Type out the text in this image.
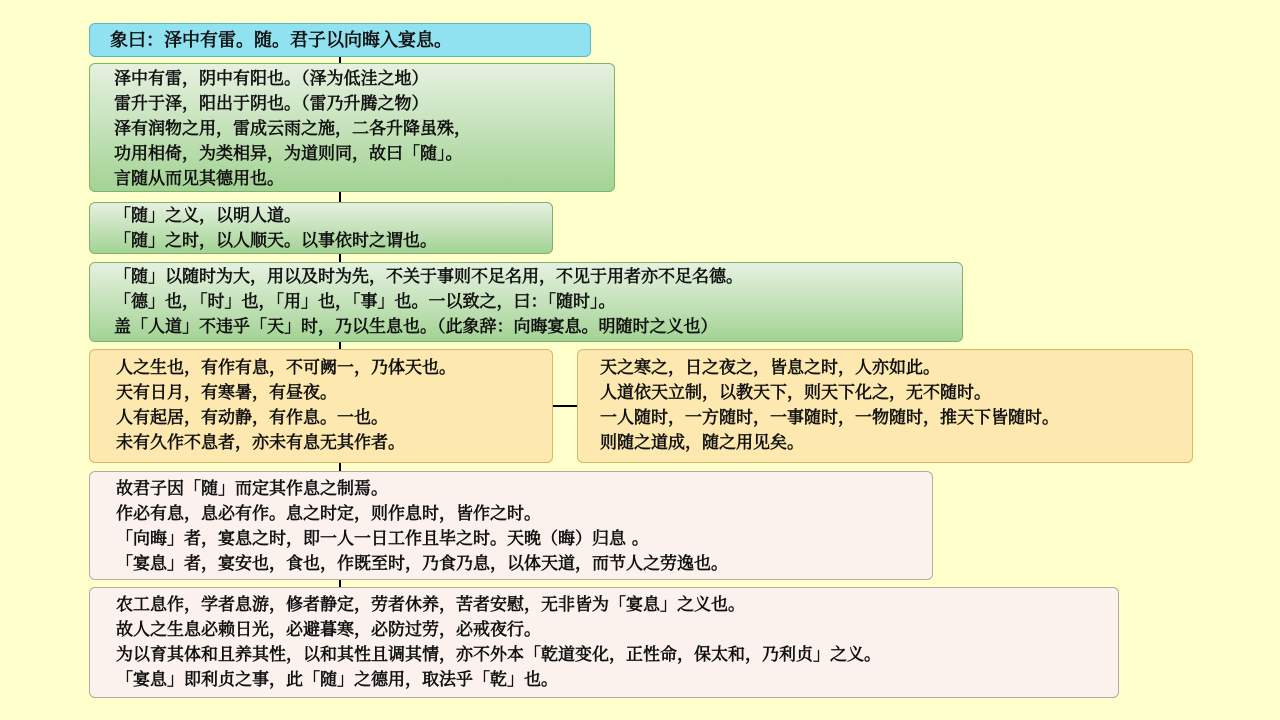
象曰：泽中有雷。随。君子以向晦入宴息。
泽中有雷，阴中有阳也。（泽为低洼之地）
雷升于泽，阳出于阴也。（雷乃升腾之物）
泽有润物之用，雷成云雨之施，二各升降虽殊，
功用相倚，为类相异，为道则同，故曰「随」。
言随从而见其德用也。
「随」之义，以明人道。
「随」之时，以人顺天。以事依时之谓也。
「随」以随时为大，用以及时为先，不关于事则不足名用，不见于用者亦不足名德。
「德」也，「时」也，「用」也，「事」也。一以致之，曰：「随时」。
盖「人道」不违乎「天」时，乃以生息也。（此象辞：向晦宴息。明随时之义也）
人之生也，有作有息，不可阙一，乃体天也。
天有日月，有寒暑，有昼夜。
人有起居，有动静，有作息。一也。
未有久作不息者，亦未有息无其作者。
天之寒之，日之夜之，皆息之时，人亦如此。
人道依天立制，以教天下，则天下化之，无不随时。
一人随时，一方随时，一事随时，一物随时，推天下皆随时。
则随之道成，随之用见矣。
故君子因「随」而定其作息之制焉。
作必有息，息必有作。息之时定，则作息时，皆作之时。
「向晦」者，宴息之时，即一人一日工作且毕之时。天晚（晦）归息 。
「宴息」者，宴安也，食也，作既至时，乃食乃息，以体天道，而节人之劳逸也。
农工息作，学者息游，修者静定，劳者休养，苦者安慰，无非皆为「宴息」之义也。
故人之生息必赖日光，必避暮寒，必防过劳，必戒夜行。
为以育其体和且养其性，以和其性且调其情，亦不外本「乾道变化，正性命，保太和，乃利贞」之义。
「宴息」即利贞之事，此「随」之德用，取法乎「乾」也。
